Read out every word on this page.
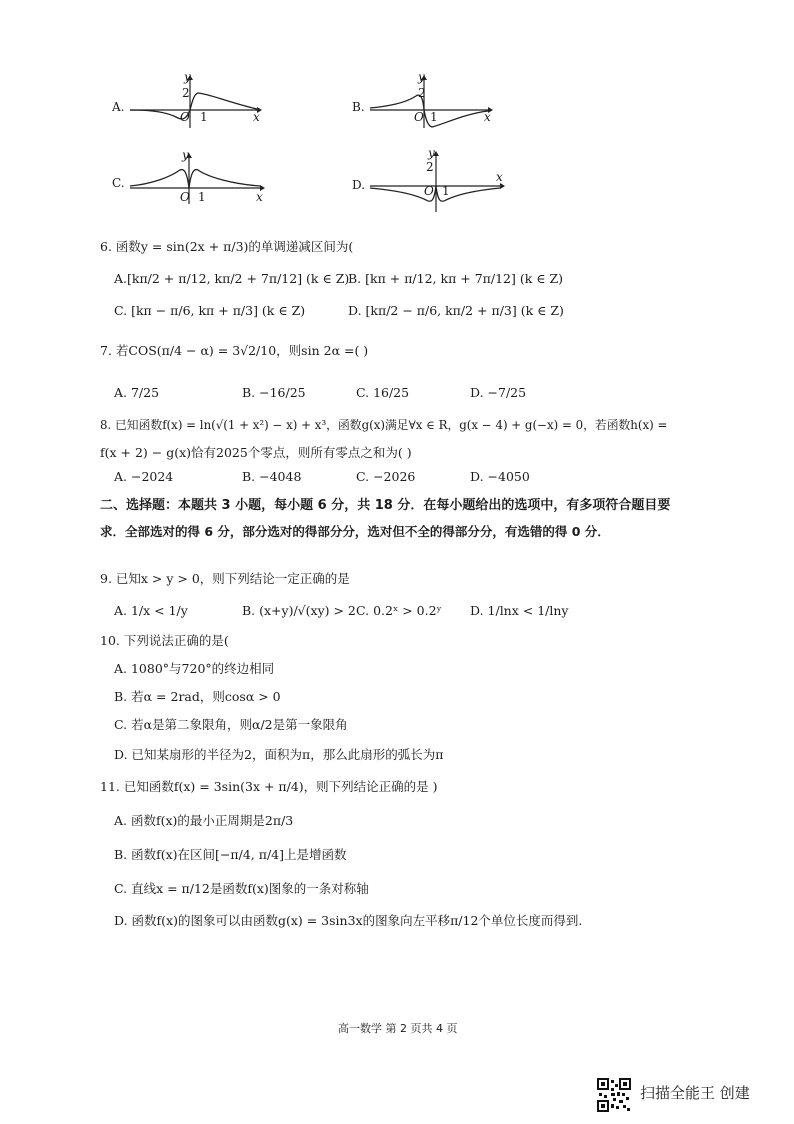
A.
y
x
O 1
2
B.
y
x
O 1
2
C.
y
x
O 1
D.
y
x
O 1
2
6. 函数y = sin(2x + π/3)的单调递减区间为(
A.[kπ/2 + π/12, kπ/2 + 7π/12] (k ∈ Z)
B. [kπ + π/12, kπ + 7π/12] (k ∈ Z)
C. [kπ − π/6, kπ + π/3] (k ∈ Z)	D. [kπ/2 − π/6, kπ/2 + π/3] (k ∈ Z)
7. 若COS(π/4 − α) = 3√2/10，则sin 2α =( )
A. 7/25	B. −16/25	C. 16/25	D. −7/25
8. 已知函数f(x) = ln(√(1 + x²) − x) + x³，函数g(x)满足∀x ∈ R，g(x − 4) + g(−x) = 0，若函数h(x) =
f(x + 2) − g(x)恰有2025个零点，则所有零点之和为( )
A. −2024	B. −4048	C. −2026	D. −4050
二、选择题：本题共 3 小题，每小题 6 分，共 18 分．在每小题给出的选项中，有多项符合题目要
求．全部选对的得 6 分，部分选对的得部分分，选对但不全的得部分分，有选错的得 0 分．
9. 已知x > y > 0，则下列结论一定正确的是
A. 1/x < 1/y	B. (x+y)/√(xy) > 2 C. 0.2ˣ > 0.2ʸ D. 1/lnx < 1/lny
10. 下列说法正确的是(
A. 1080°与720°的终边相同
B. 若α = 2rad，则cosα > 0
C. 若α是第二象限角，则α/2是第一象限角
D. 已知某扇形的半径为2，面积为π，那么此扇形的弧长为π
11. 已知函数f(x) = 3sin(3x + π/4)，则下列结论正确的是 )
A. 函数f(x)的最小正周期是2π/3
B. 函数f(x)在区间[−π/4, π/4]上是增函数
C. 直线x = π/12是函数f(x)图象的一条对称轴
D. 函数f(x)的图象可以由函数g(x) = 3sin3x的图象向左平移π/12个单位长度而得到.
高一数学 第 2 页共 4 页
扫描全能王 创建
